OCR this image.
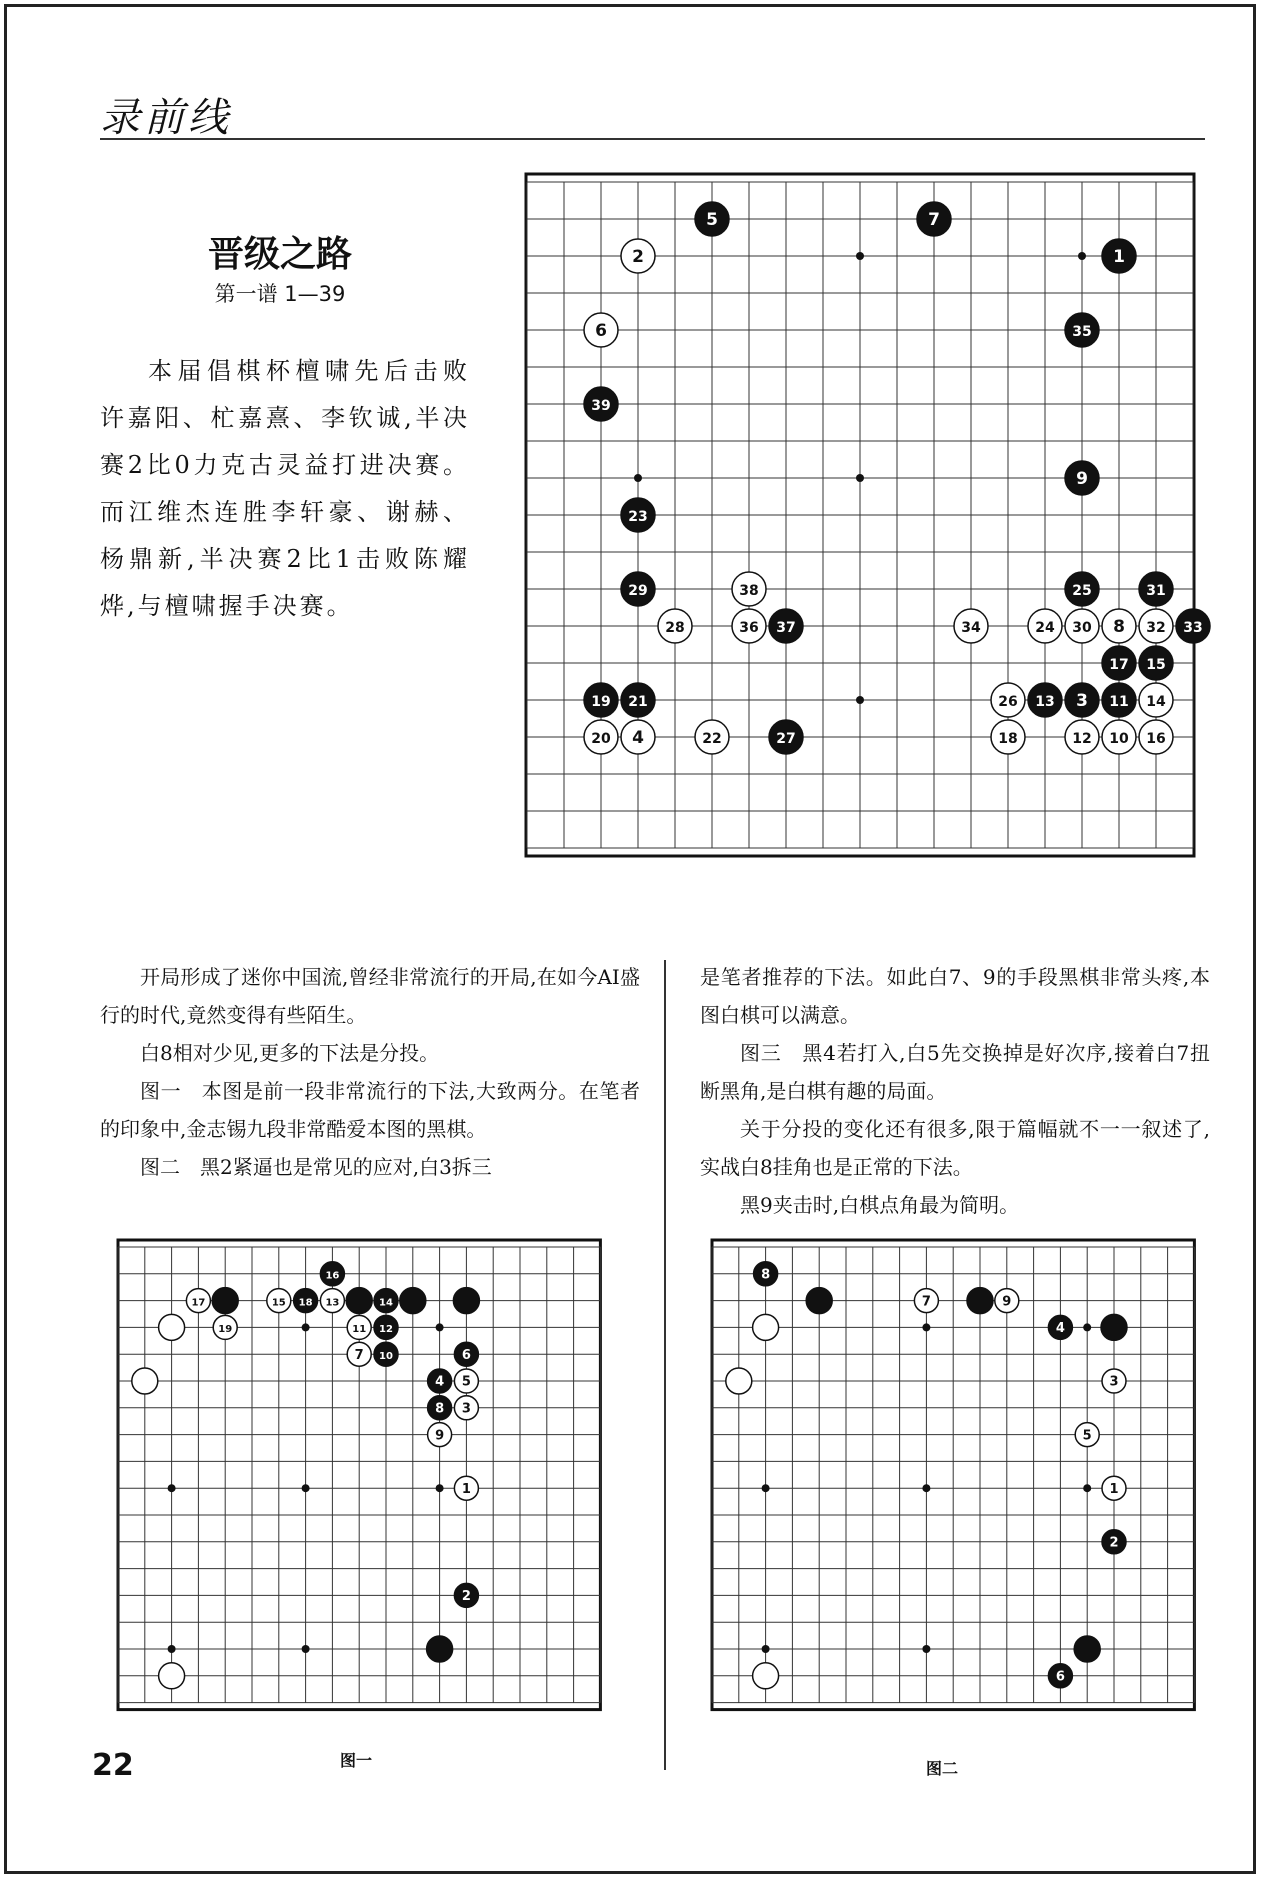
录前线
晋级之路
第一谱 1—39
本届倡棋杯檀啸先后击败许嘉阳、杧嘉熹、李钦诚,半决赛2比0力克古灵益打进决赛。而江维杰连胜李轩豪、谢赫、杨鼎新,半决赛2比1击败陈耀烨,与檀啸握手决赛。
1
2
3
4
5
6
7
8
9
10
11
12
13	14
15
16
17
18
19
20
21
22
23
24
25
26
27
28
29
30
31
32 33
34
35
36 37
38
39

开局形成了迷你中国流,曾经非常流行的开局,在如今AI盛行的时代,竟然变得有些陌生。

白8相对少见,更多的下法是分投。

图一　本图是前一段非常流行的下法,大致两分。在笔者的印象中,金志锡九段非常酷爱本图的黑棋。

图二　黑2紧逼也是常见的应对,白3拆三

是笔者推荐的下法。如此白7、9的手段黑棋非常头疼,本图白棋可以满意。

图三　黑4若打入,白5先交换掉是好次序,接着白7扭断黑角,是白棋有趣的局面。

关于分投的变化还有很多,限于篇幅就不一一叙述了,实战白8挂角也是正常的下法。

黑9夹击时,白棋点角最为简明。

1
2
3
4 5
6
7
8
9
10
11 12
13	14
15
16
17	18
19
图一
1
2
3
4
5
6
7
8
9
图二
22
